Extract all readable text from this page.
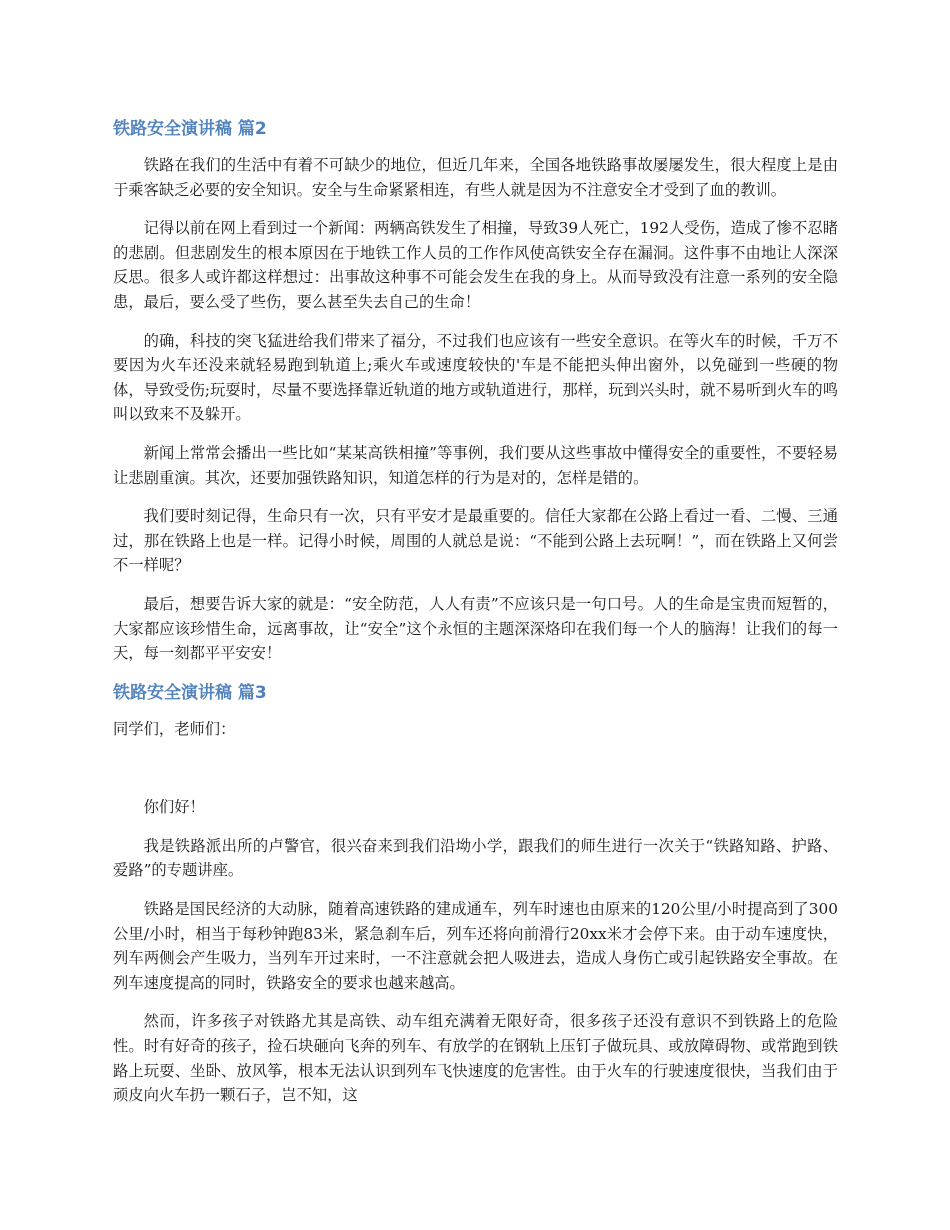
铁路安全演讲稿 篇2

铁路在我们的生活中有着不可缺少的地位，但近几年来，全国各地铁路事故屡屡发生，很大程度上是由于乘客缺乏必要的安全知识。安全与生命紧紧相连，有些人就是因为不注意安全才受到了血的教训。

记得以前在网上看到过一个新闻：两辆高铁发生了相撞，导致39人死亡，192人受伤，造成了惨不忍睹的悲剧。但悲剧发生的根本原因在于地铁工作人员的工作作风使高铁安全存在漏洞。这件事不由地让人深深反思。很多人或许都这样想过：出事故这种事不可能会发生在我的身上。从而导致没有注意一系列的安全隐患，最后，要么受了些伤，要么甚至失去自己的生命！

的确，科技的突飞猛进给我们带来了福分，不过我们也应该有一些安全意识。在等火车的时候，千万不要因为火车还没来就轻易跑到轨道上;乘火车或速度较快的'车是不能把头伸出窗外，以免碰到一些硬的物体，导致受伤;玩耍时，尽量不要选择靠近轨道的地方或轨道进行，那样，玩到兴头时，就不易听到火车的鸣叫以致来不及躲开。

新闻上常常会播出一些比如“某某高铁相撞”等事例，我们要从这些事故中懂得安全的重要性，不要轻易让悲剧重演。其次，还要加强铁路知识，知道怎样的行为是对的，怎样是错的。

我们要时刻记得，生命只有一次，只有平安才是最重要的。信任大家都在公路上看过一看、二慢、三通过，那在铁路上也是一样。记得小时候，周围的人就总是说：“不能到公路上去玩啊！”，而在铁路上又何尝不一样呢？

最后，想要告诉大家的就是：“安全防范，人人有责”不应该只是一句口号。人的生命是宝贵而短暂的，大家都应该珍惜生命，远离事故，让“安全”这个永恒的主题深深烙印在我们每一个人的脑海！让我们的每一天，每一刻都平平安安！

铁路安全演讲稿 篇3

同学们，老师们：

你们好！

我是铁路派出所的卢警官，很兴奋来到我们沿坳小学，跟我们的师生进行一次关于“铁路知路、护路、爱路”的专题讲座。

铁路是国民经济的大动脉，随着高速铁路的建成通车，列车时速也由原来的120公里/小时提高到了300公里/小时，相当于每秒钟跑83米，紧急刹车后，列车还将向前滑行20xx米才会停下来。由于动车速度快，列车两侧会产生吸力，当列车开过来时，一不注意就会把人吸进去，造成人身伤亡或引起铁路安全事故。在列车速度提高的同时，铁路安全的要求也越来越高。

然而，许多孩子对铁路尤其是高铁、动车组充满着无限好奇，很多孩子还没有意识不到铁路上的危险性。时有好奇的孩子，捡石块砸向飞奔的列车、有放学的在钢轨上压钉子做玩具、或放障碍物、或常跑到铁路上玩耍、坐卧、放风筝，根本无法认识到列车飞快速度的危害性。由于火车的行驶速度很快，当我们由于顽皮向火车扔一颗石子，岂不知，这
